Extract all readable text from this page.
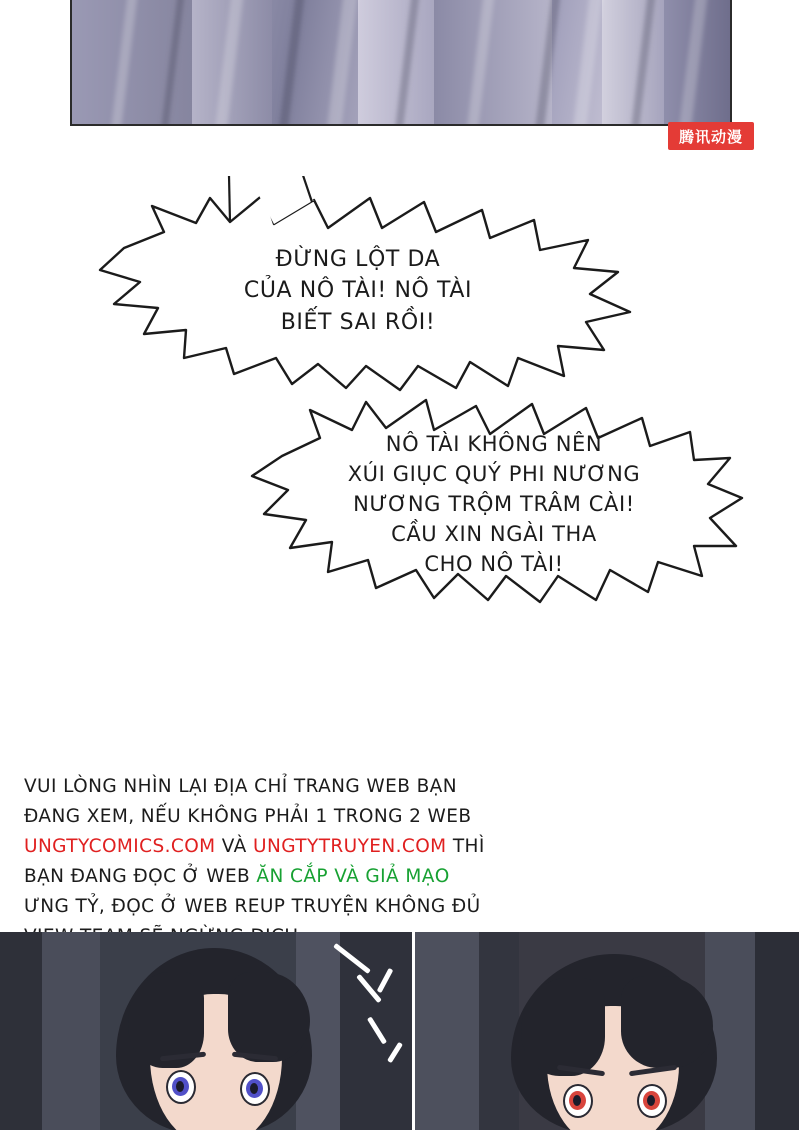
腾讯动漫
ĐỪNG LỘT DA
CỦA NÔ TÀI! NÔ TÀI
BIẾT SAI RỒI!
NÔ TÀI KHÔNG NÊN
XÚI GIỤC QUÝ PHI NƯƠNG
NƯƠNG TRỘM TRÂM CÀI!
CẦU XIN NGÀI THA
CHO NÔ TÀI!
VUI LÒNG NHÌN LẠI ĐỊA CHỈ TRANG WEB BẠN
ĐANG XEM, NẾU KHÔNG PHẢI 1 TRONG 2 WEB
UNGTYCOMICS.COM VÀ UNGTYTRUYEN.COM THÌ
BẠN ĐANG ĐỌC Ở WEB ĂN CẮP VÀ GIẢ MẠO
ƯNG TỶ, ĐỌC Ở WEB REUP TRUYỆN KHÔNG ĐỦ
